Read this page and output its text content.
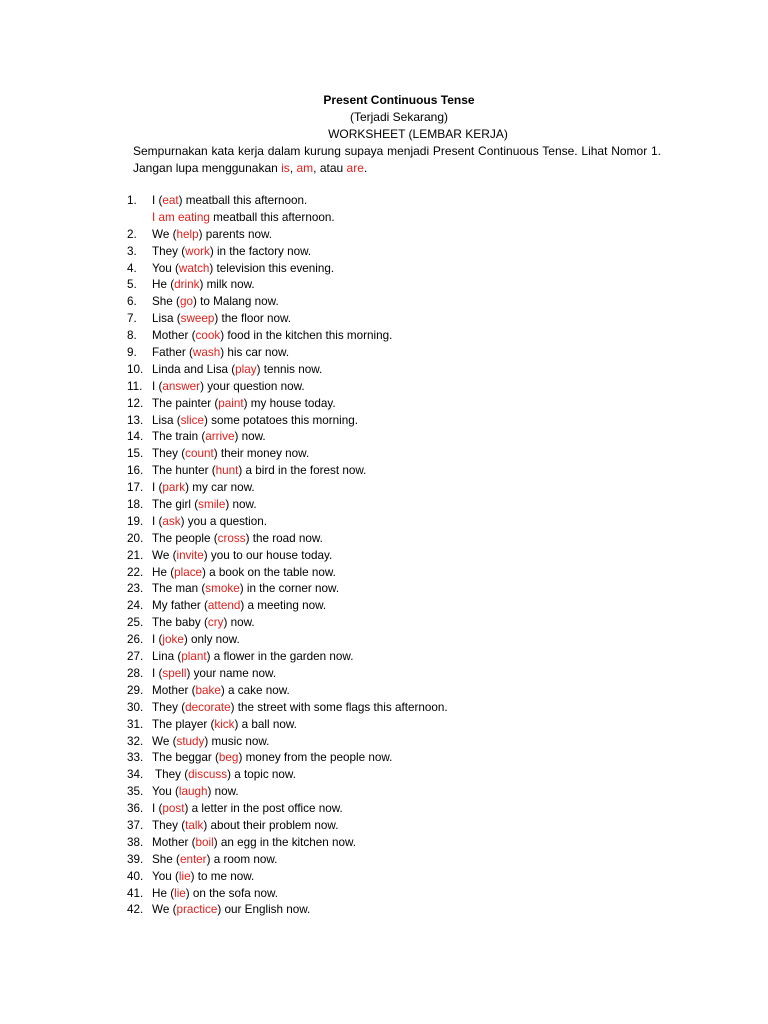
Present Continuous Tense
(Terjadi Sekarang)
WORKSHEET (LEMBAR KERJA)
Sempurnakan kata kerja dalam kurung supaya menjadi Present Continuous Tense. Lihat Nomor 1. Jangan lupa menggunakan is, am, atau are.
1. I (eat) meatball this afternoon.
I am eating meatball this afternoon.
2. We (help) parents now.
3. They (work) in the factory now.
4. You (watch) television this evening.
5. He (drink) milk now.
6. She (go) to Malang now.
7. Lisa (sweep) the floor now.
8. Mother (cook) food in the kitchen this morning.
9. Father (wash) his car now.
10. Linda and Lisa (play) tennis now.
11. I (answer) your question now.
12. The painter (paint) my house today.
13. Lisa (slice) some potatoes this morning.
14. The train (arrive) now.
15. They (count) their money now.
16. The hunter (hunt) a bird in the forest now.
17. I (park) my car now.
18. The girl (smile) now.
19. I (ask) you a question.
20. The people (cross) the road now.
21. We (invite) you to our house today.
22. He (place) a book on the table now.
23. The man (smoke) in the corner now.
24. My father (attend) a meeting now.
25. The baby (cry) now.
26. I (joke) only now.
27. Lina (plant) a flower in the garden now.
28. I (spell) your name now.
29. Mother (bake) a cake now.
30. They (decorate) the street with some flags this afternoon.
31. The player (kick) a ball now.
32. We (study) music now.
33. The beggar (beg) money from the people now.
34. They (discuss) a topic now.
35. You (laugh) now.
36. I (post) a letter in the post office now.
37. They (talk) about their problem now.
38. Mother (boil) an egg in the kitchen now.
39. She (enter) a room now.
40. You (lie) to me now.
41. He (lie) on the sofa now.
42. We (practice) our English now.
